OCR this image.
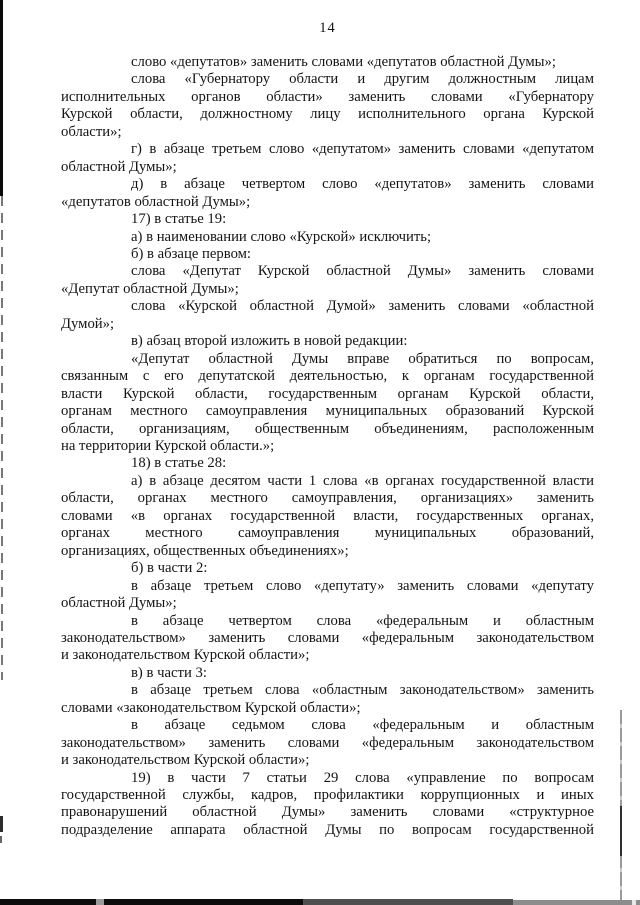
14
слово «депутатов» заменить словами «депутатов областной Думы»;
слова «Губернатору области и другим должностным лицам
исполнительных органов области» заменить словами «Губернатору
Курской области, должностному лицу исполнительного органа Курской
области»;
г) в абзаце третьем слово «депутатом» заменить словами «депутатом
областной Думы»;
д) в абзаце четвертом слово «депутатов» заменить словами
«депутатов областной Думы»;
17) в статье 19:
а) в наименовании слово «Курской» исключить;
б) в абзаце первом:
слова «Депутат Курской областной Думы» заменить словами
«Депутат областной Думы»;
слова «Курской областной Думой» заменить словами «областной
Думой»;
в) абзац второй изложить в новой редакции:
«Депутат областной Думы вправе обратиться по вопросам,
связанным с его депутатской деятельностью, к органам государственной
власти Курской области, государственным органам Курской области,
органам местного самоуправления муниципальных образований Курской
области, организациям, общественным объединениям, расположенным
на территории Курской области.»;
18) в статье 28:
а) в абзаце десятом части 1 слова «в органах государственной власти
области, органах местного самоуправления, организациях» заменить
словами «в органах государственной власти, государственных органах,
органах местного самоуправления муниципальных образований,
организациях, общественных объединениях»;
б) в части 2:
в абзаце третьем слово «депутату» заменить словами «депутату
областной Думы»;
в абзаце четвертом слова «федеральным и областным
законодательством» заменить словами «федеральным законодательством
и законодательством Курской области»;
в) в части 3:
в абзаце третьем слова «областным законодательством» заменить
словами «законодательством Курской области»;
в абзаце седьмом слова «федеральным и областным
законодательством» заменить словами «федеральным законодательством
и законодательством Курской области»;
19) в части 7 статьи 29 слова «управление по вопросам
государственной службы, кадров, профилактики коррупционных и иных
правонарушений областной Думы» заменить словами «структурное
подразделение аппарата областной Думы по вопросам государственной
